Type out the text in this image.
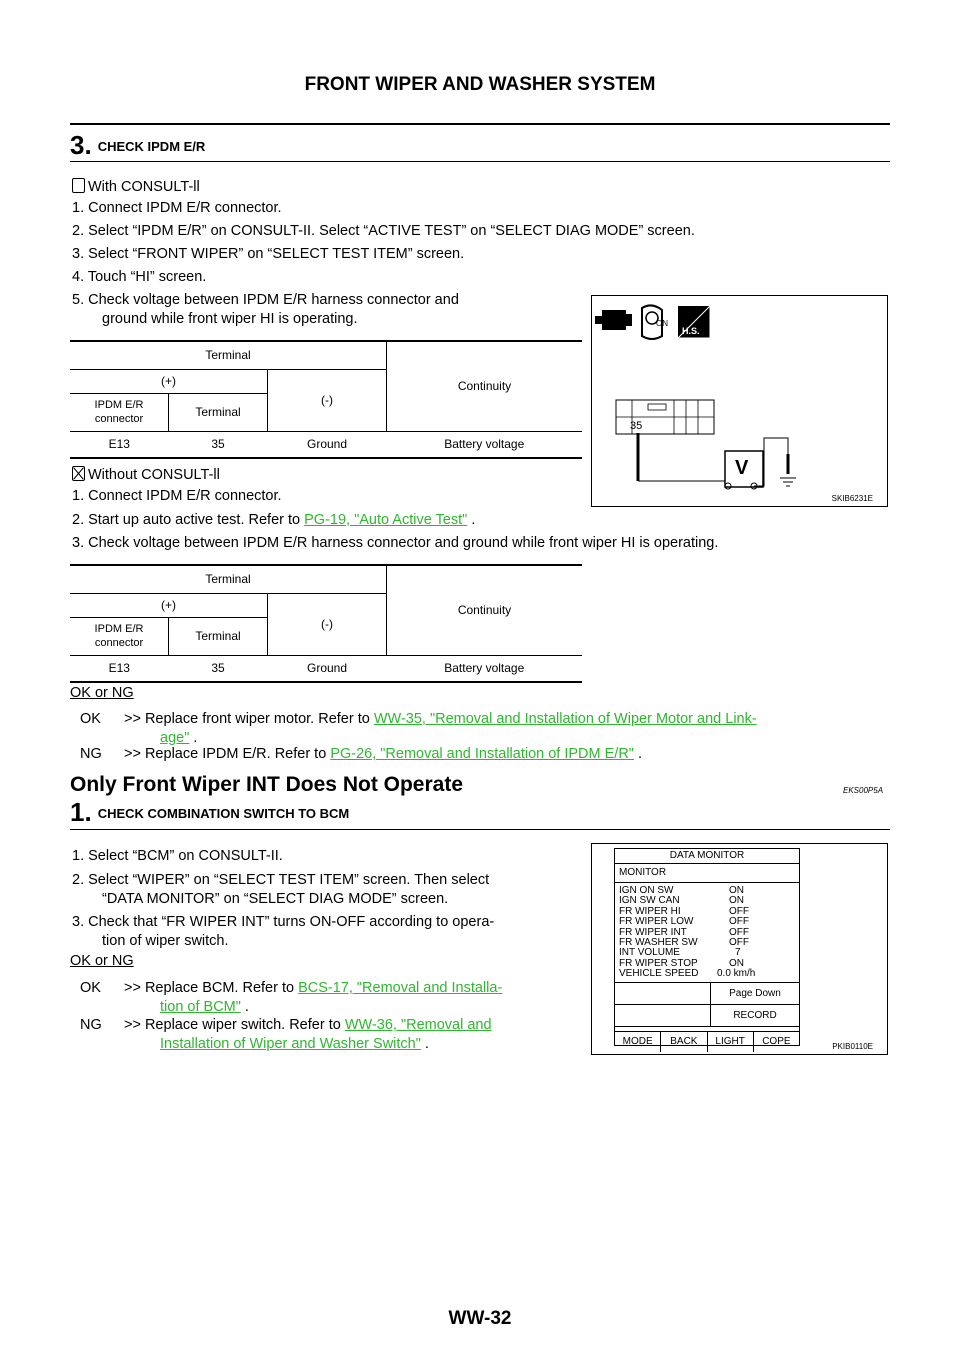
FRONT WIPER AND WASHER SYSTEM
3. CHECK IPDM E/R
With CONSULT-ll
1. Connect IPDM E/R connector.
2. Select “IPDM E/R” on CONSULT-II. Select “ACTIVE TEST” on “SELECT DIAG MODE” screen.
3. Select “FRONT WIPER” on “SELECT TEST ITEM” screen.
4. Touch “HI” screen.
5. Check voltage between IPDM E/R harness connector and
ground while front wiper HI is operating.
Terminal			Continuity
(+)		(-)	
IPDM E/R connector	Terminal		
E13	35	Ground	Battery voltage
ON
H.S.
35
V
SKIB6231E
Without CONSULT-ll
1. Connect IPDM E/R connector.
2. Start up auto active test. Refer to PG-19, "Auto Active Test" .
3. Check voltage between IPDM E/R harness connector and ground while front wiper HI is operating.
Terminal			Continuity
(+)		(-)	
IPDM E/R connector	Terminal		
E13	35	Ground	Battery voltage
OK or NG
OK >> Replace front wiper motor. Refer to WW-35, "Removal and Installation of Wiper Motor and Link-
age" .
NG >> Replace IPDM E/R. Refer to PG-26, "Removal and Installation of IPDM E/R" .
Only Front Wiper INT Does Not Operate	EKS00P5A
1. CHECK COMBINATION SWITCH TO BCM
1. Select “BCM” on CONSULT-II.
2. Select “WIPER” on “SELECT TEST ITEM” screen. Then select
“DATA MONITOR” on “SELECT DIAG MODE” screen.
3. Check that “FR WIPER INT” turns ON-OFF according to opera-
tion of wiper switch.
OK or NG
OK >> Replace BCM. Refer to BCS-17, "Removal and Installa-
tion of BCM" .
NG >> Replace wiper switch. Refer to WW-36, "Removal and
Installation of Wiper and Washer Switch" .
DATA MONITOR
MONITOR
IGN ON SW	ON
IGN SW CAN	ON
FR WIPER HI	OFF
FR WIPER LOW	OFF
FR WIPER INT	OFF
FR WASHER SW	OFF
INT VOLUME	7
FR WIPER STOP	ON
VEHICLE SPEED	0.0 km/h
Page Down
RECORD
MODE	BACK	LIGHT	COPE	PKIB0110E
WW-32
